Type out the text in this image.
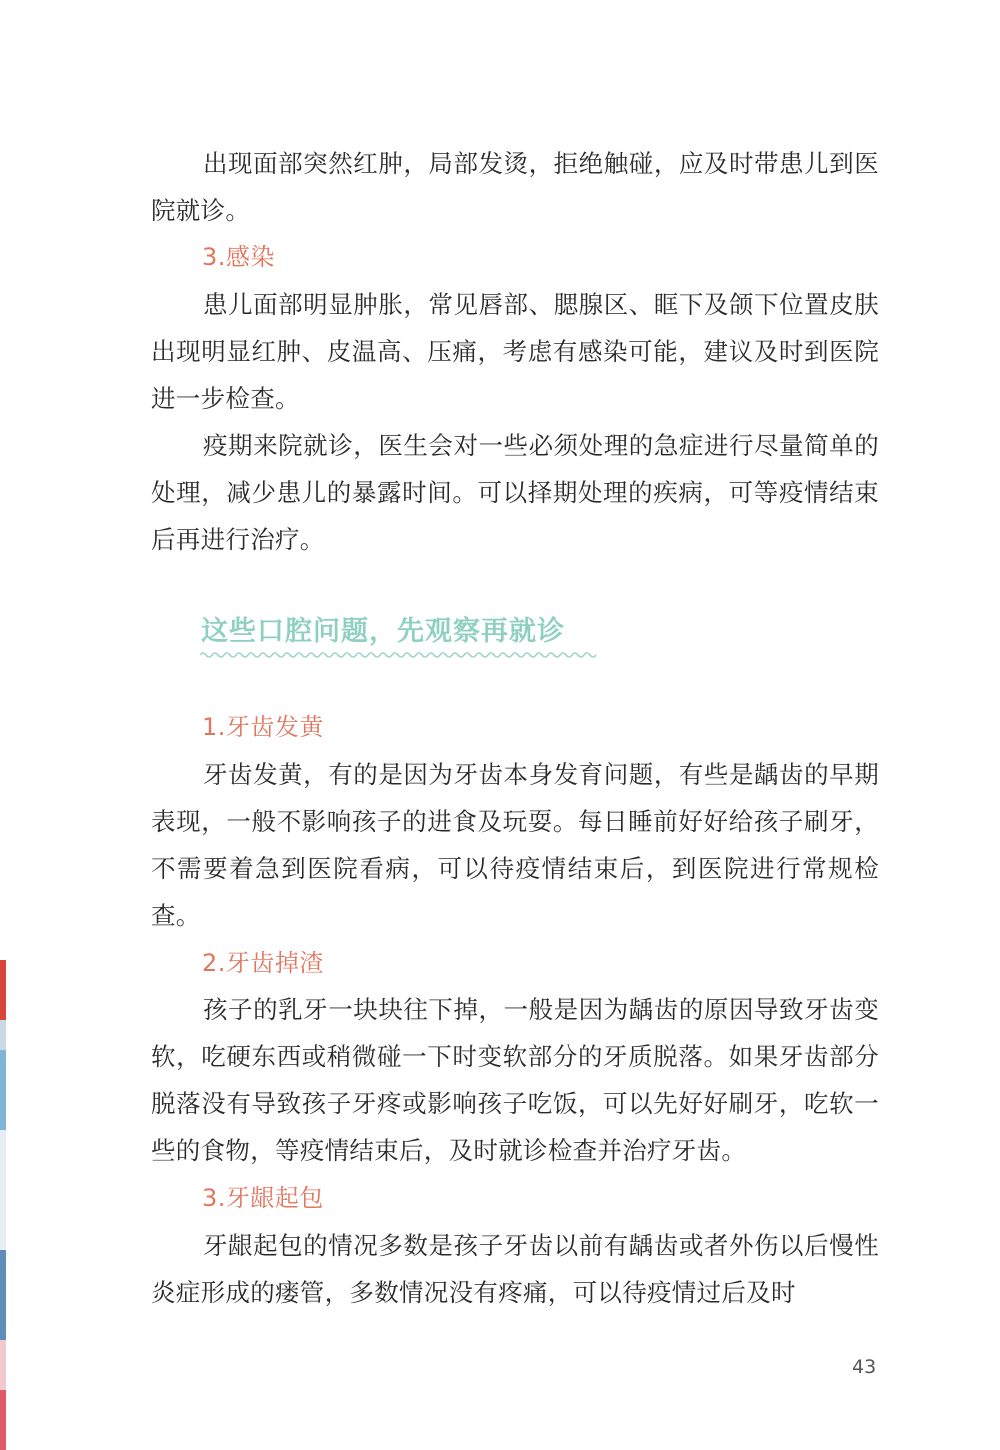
出现面部突然红肿，局部发烫，拒绝触碰，应及时带患儿到医院就诊。

3.感染

患儿面部明显肿胀，常见唇部、腮腺区、眶下及颌下位置皮肤出现明显红肿、皮温高、压痛，考虑有感染可能，建议及时到医院进一步检查。

疫期来院就诊，医生会对一些必须处理的急症进行尽量简单的处理，减少患儿的暴露时间。可以择期处理的疾病，可等疫情结束后再进行治疗。

这些口腔问题，先观察再就诊

1.牙齿发黄

牙齿发黄，有的是因为牙齿本身发育问题，有些是龋齿的早期表现，一般不影响孩子的进食及玩耍。每日睡前好好给孩子刷牙，不需要着急到医院看病，可以待疫情结束后，到医院进行常规检查。

2.牙齿掉渣

孩子的乳牙一块块往下掉，一般是因为龋齿的原因导致牙齿变软，吃硬东西或稍微碰一下时变软部分的牙质脱落。如果牙齿部分脱落没有导致孩子牙疼或影响孩子吃饭，可以先好好刷牙，吃软一些的食物，等疫情结束后，及时就诊检查并治疗牙齿。

3.牙龈起包

牙龈起包的情况多数是孩子牙齿以前有龋齿或者外伤以后慢性炎症形成的瘘管，多数情况没有疼痛，可以待疫情过后及时

43
